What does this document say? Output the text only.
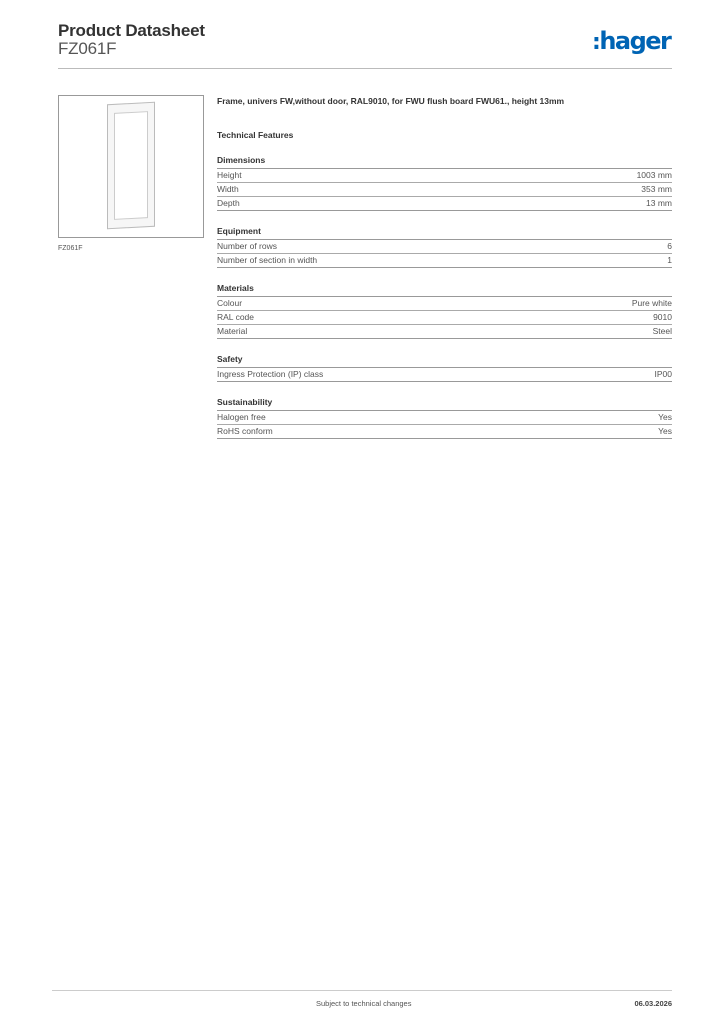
Product Datasheet
FZ061F	:hager
FZ061F

Frame, univers FW,without door, RAL9010, for FWU flush board FWU61., height 13mm

Technical Features
Dimensions
Height	1003 mm
Width	353 mm
Depth	13 mm
Equipment
Number of rows	6
Number of section in width	1
Materials
Colour	Pure white
RAL code	9010
Material	Steel
Safety
Ingress Protection (IP) class	IP00
Sustainability
Halogen free	Yes
RoHS conform	Yes
Subject to technical changes	06.03.2026
